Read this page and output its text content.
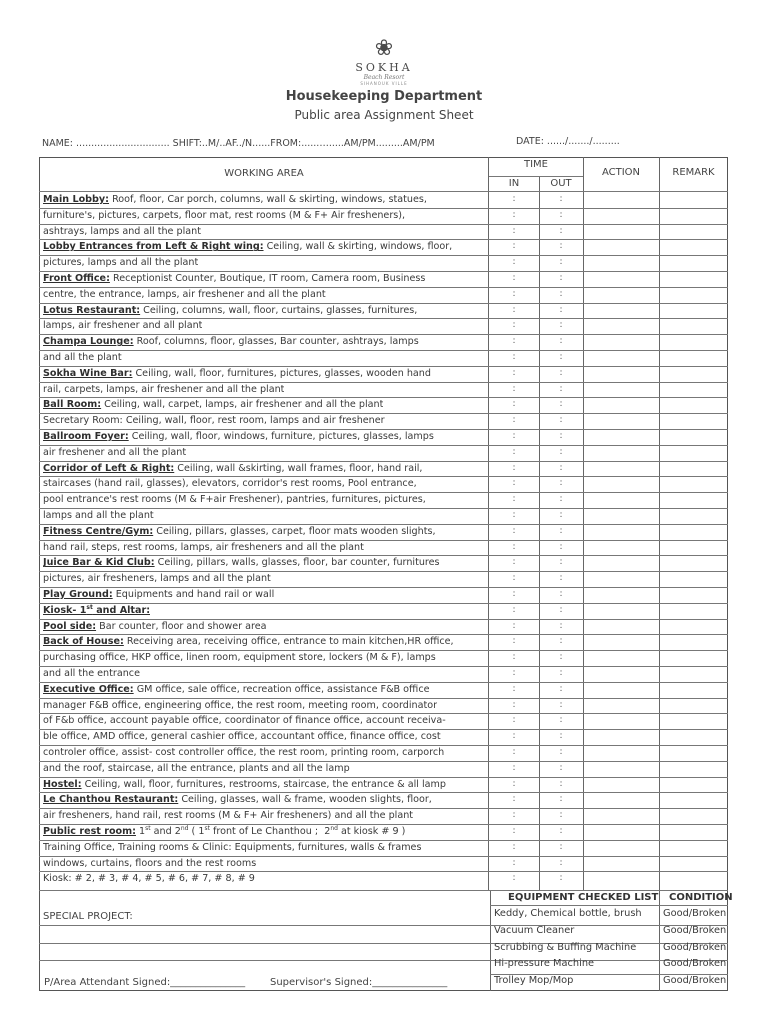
❀
SOKHA
Beach Resort
SIHANOUK VILLE
Housekeeping Department
Public area Assignment Sheet
NAME: ............................... SHIFT:..M/..AF../N......FROM:......….....AM/PM.........AM/PM	DATE: ....../......./.........
WORKING AREA
TIME
IN	OUT
ACTION	REMARK
Main Lobby: Roof, floor, Car porch, columns, wall & skirting, windows, statues,	:	:
furniture's, pictures, carpets, floor mat, rest rooms (M & F+ Air fresheners),	:	:
ashtrays, lamps and all the plant	:	:
Lobby Entrances from Left & Right wing: Ceiling, wall & skirting, windows, floor,	:	:
pictures, lamps and all the plant	:	:
Front Office: Receptionist Counter, Boutique, IT room, Camera room, Business	:	:
centre, the entrance, lamps, air freshener and all the plant	:	:
Lotus Restaurant: Ceiling, columns, wall, floor, curtains, glasses, furnitures,	:	:
lamps, air freshener and all plant	:	:
Champa Lounge: Roof, columns, floor, glasses, Bar counter, ashtrays, lamps	:	:
and all the plant	:	:
Sokha Wine Bar: Ceiling, wall, floor, furnitures, pictures, glasses, wooden hand	:	:
rail, carpets, lamps, air freshener and all the plant	:	:
Ball Room: Ceiling, wall, carpet, lamps, air freshener and all the plant	:	:
Secretary Room: Ceiling, wall, floor, rest room, lamps and air freshener	:	:
Ballroom Foyer: Ceiling, wall, floor, windows, furniture, pictures, glasses, lamps	:	:
air freshener and all the plant	:	:
Corridor of Left & Right: Ceiling, wall &skirting, wall frames, floor, hand rail,	:	:
staircases (hand rail, glasses), elevators, corridor's rest rooms, Pool entrance,	:	:
pool entrance's rest rooms (M & F+air Freshener), pantries, furnitures, pictures,	:	:
lamps and all the plant	:	:
Fitness Centre/Gym: Ceiling, pillars, glasses, carpet, floor mats wooden slights,	:	:
hand rail, steps, rest rooms, lamps, air fresheners and all the plant	:	:
Juice Bar & Kid Club: Ceiling, pillars, walls, glasses, floor, bar counter, furnitures	:	:
pictures, air fresheners, lamps and all the plant	:	:
Play Ground: Equipments and hand rail or wall	:	:
Kiosk- 1st and Altar:	:	:
Pool side: Bar counter, floor and shower area	:	:
Back of House: Receiving area, receiving office, entrance to main kitchen,HR office,	:	:
purchasing office, HKP office, linen room, equipment store, lockers (M & F), lamps	:	:
and all the entrance	:	:
Executive Office: GM office, sale office, recreation office, assistance F&B office	:	:
manager F&B office, engineering office, the rest room, meeting room, coordinator	:	:
of F&b office, account payable office, coordinator of finance office, account receiva-	:	:
ble office, AMD office, general cashier office, accountant office, finance office, cost	:	:
controler office, assist- cost controller office, the rest room, printing room, carporch	:	:
and the roof, staircase, all the entrance, plants and all the lamp	:	:
Hostel: Ceiling, wall, floor, furnitures, restrooms, staircase, the entrance & all lamp	:	:
Le Chanthou Restaurant: Ceiling, glasses, wall & frame, wooden slights, floor,	:	:
air fresheners, hand rail, rest rooms (M & F+ Air fresheners) and all the plant	:	:
Public rest room: 1st and 2nd ( 1st front of Le Chanthou ;  2nd at kiosk # 9 )	:	:
Training Office, Training rooms & Clinic: Equipments, furnitures, walls & frames	:	:
windows, curtains, floors and the rest rooms	:	:
Kiosk: # 2, # 3, # 4, # 5, # 6, # 7, # 8, # 9	:	:
SPECIAL PROJECT:
EQUIPMENT CHECKED LIST CONDITION
Keddy, Chemical bottle, brush Good/Broken
Vacuum Cleaner	Good/Broken
Scrubbing & Buffing Machine	Good/Broken
Hi-pressure Machine	Good/Broken
Trolley Mop/Mop	Good/Broken
P/Area Attendant Signed:_______________ Supervisor's Signed:_______________
